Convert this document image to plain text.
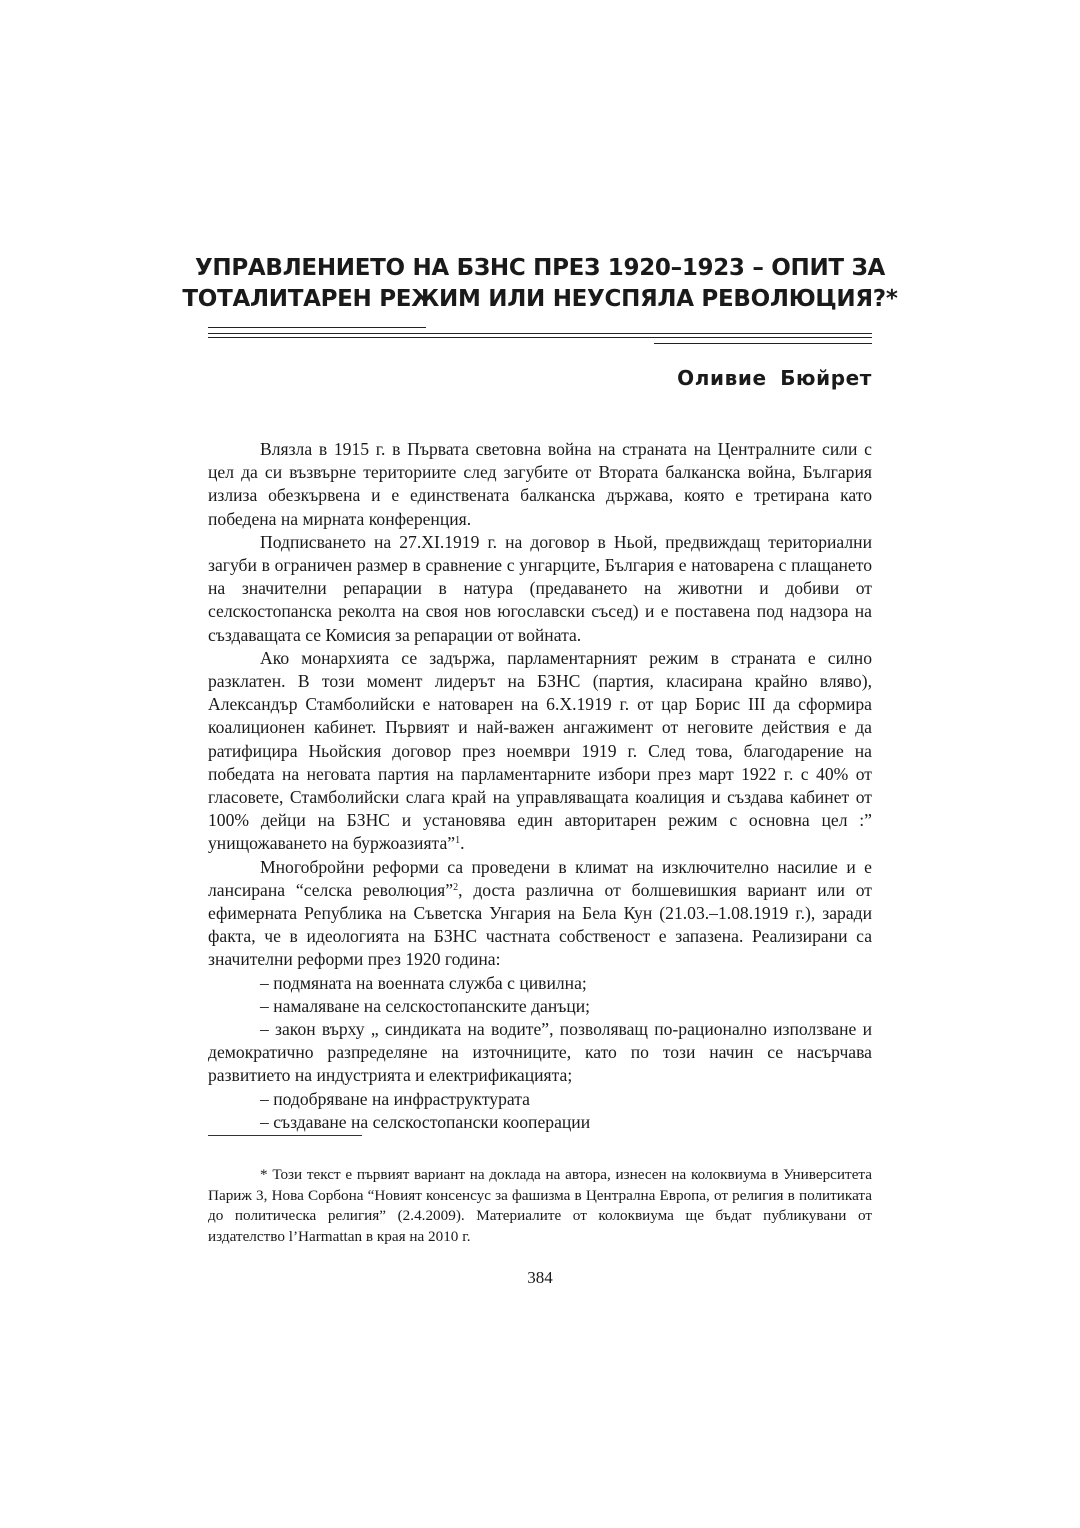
УПРАВЛЕНИЕТО НА БЗНС ПРЕЗ 1920–1923 – ОПИТ ЗА
ТОТАЛИТАРЕН РЕЖИМ ИЛИ НЕУСПЯЛА РЕВОЛЮЦИЯ?*
Оливие Бюйрет

Влязла в 1915 г. в Първата световна война на страната на Централните сили с цел да си възвърне териториите след загубите от Втората балканска война, България излиза обезкървена и е единствената балканска държава, която е третирана като победена на мирната конференция.

Подписването на 27.XI.1919 г. на договор в Ньой, предвиждащ териториални загуби в ограничен размер в сравнение с унгарците, България е натоварена с плащането на значителни репарации в натура (предаването на животни и добиви от селскостопанска реколта на своя нов югославски съсед) и е поставена под надзора на създаващата се Комисия за репарации от войната.

Ако монархията се задържа, парламентарният режим в страната е силно разклатен. В този момент лидерът на БЗНС (партия, класирана крайно вляво), Александър Стамболийски е натоварен на 6.X.1919 г. от цар Борис III да сформира коалиционен кабинет. Първият и най-важен ангажимент от неговите действия е да ратифицира Ньойския договор през ноември 1919 г. След това, благодарение на победата на неговата партия на парламентарните избори през март 1922 г. с 40% от гласовете, Стамболийски слага край на управляващата коалиция и създава кабинет от 100% дейци на БЗНС и установява един авторитарен режим с основна цел :” унищожаването на буржоазията”$^1$.

Многобройни реформи са проведени в климат на изключително насилие и е лансирана “селска революция”$^2$, доста различна от болшевишкия вариант или от ефимерната Република на Съветска Унгария на Бела Кун (21.03.–1.08.1919 г.), заради факта, че в идеологията на БЗНС частната собственост е запазена. Реализирани са значителни реформи през 1920 година:

– подмяната на военната служба с цивилна;

– намаляване на селскостопанските данъци;

– закон върху „ синдиката на водите”, позволяващ по-рационално използване и демократично разпределяне на източниците, като по този начин се насърчава развитието на индустрията и електрификацията;

– подобряване на инфраструктурата

– създаване на селскостопански кооперации

* Този текст е първият вариант на доклада на автора, изнесен на колоквиума в Университета Париж 3, Нова Сорбона “Новият консенсус за фашизма в Централна Европа, от религия в политиката до политическа религия” (2.4.2009). Материалите от колоквиума ще бъдат публикувани от издателство l’Harmattan в края на 2010 г.

384
